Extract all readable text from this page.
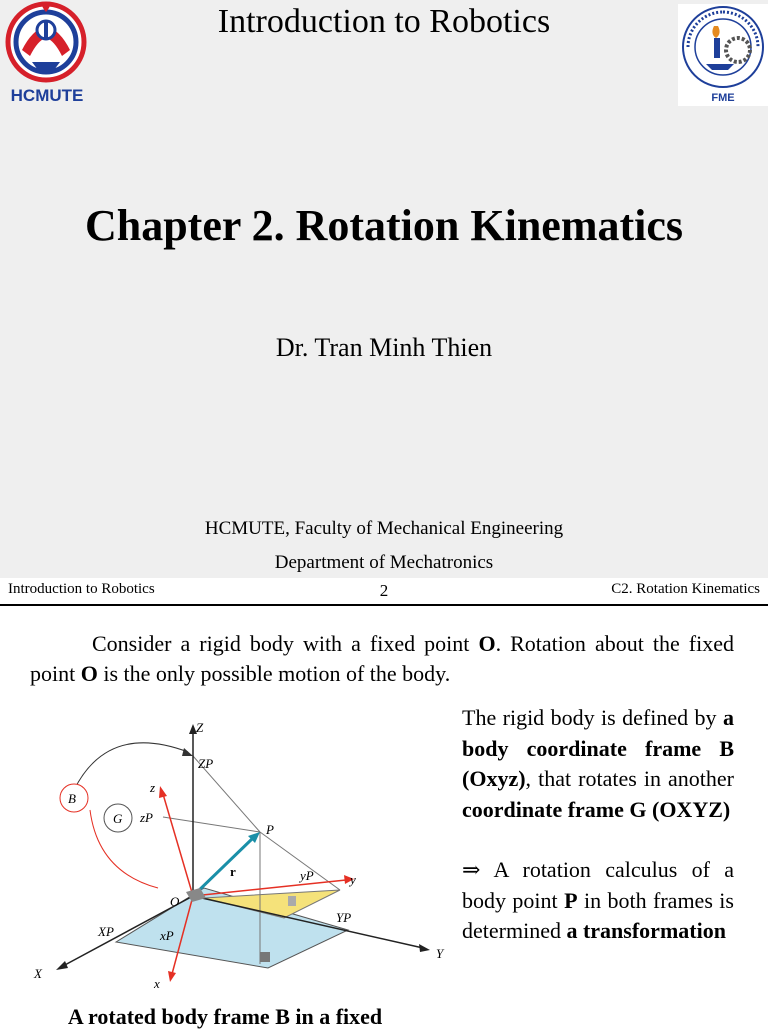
HCMUTE
Introduction to Robotics
FME
Chapter 2. Rotation Kinematics
Dr. Tran Minh Thien
HCMUTE, Faculty of Mechanical Engineering
Department of Mechatronics
Introduction to Robotics	2	C2. Rotation Kinematics
Consider a rigid body with a fixed point O. Rotation about the fixed point O is the only possible motion of the body.
Z
ZP
B
G
z
zP
P
r
O
yP	y
XP	xP
YP
Y
X
x

The rigid body is defined by a body coordinate frame B (Oxyz), that rotates in another coordinate frame G (OXYZ)

⇒ A rotation calculus of a body point P in both frames is determined a transformation

A rotated body frame B in a fixed
